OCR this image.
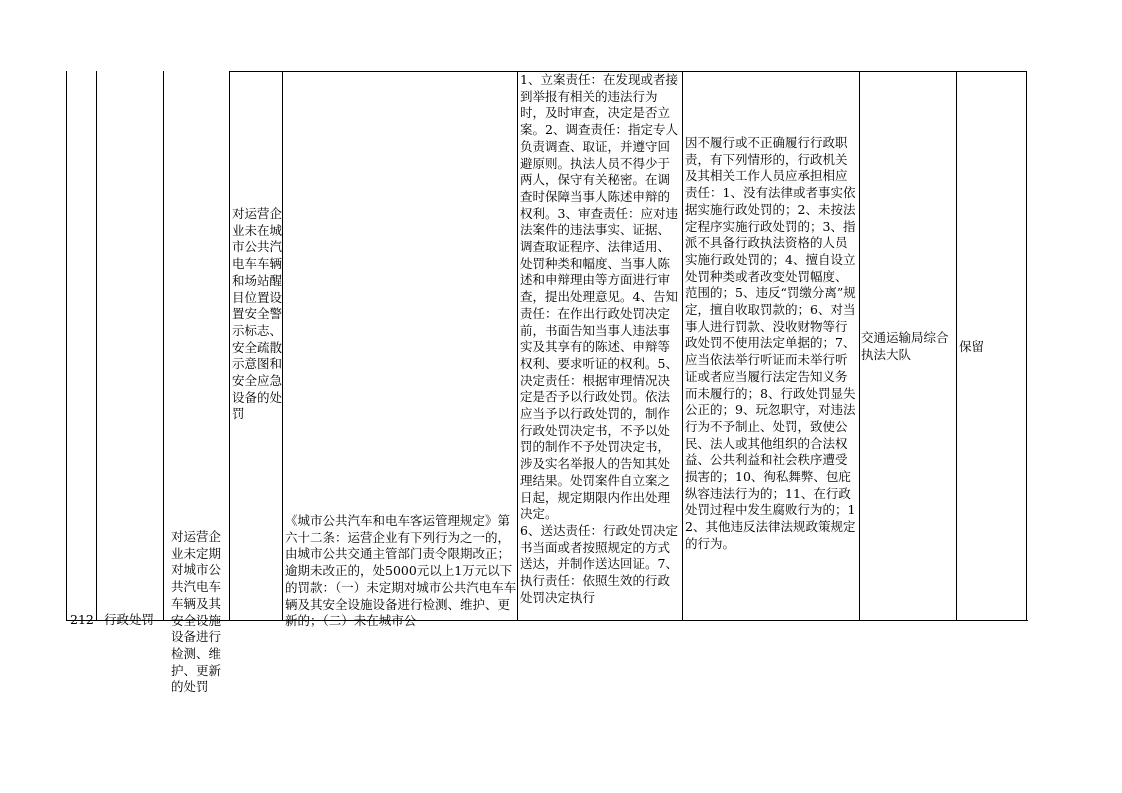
212 行政处罚
对运营企业未定期对城市公共汽电车车辆及其安全设施设备进行检测、维护、更新的处罚
对运营企业未在城市公共汽电车车辆和场站醒目位置设置安全警示标志、安全疏散示意图和安全应急设备的处罚
《城市公共汽车和电车客运管理规定》第六十二条：运营企业有下列行为之一的，由城市公共交通主管部门责令限期改正；逾期未改正的，处5000元以上1万元以下的罚款：（一）未定期对城市公共汽电车车辆及其安全设施设备进行检测、维护、更新的；（二）未在城市公
1、立案责任：在发现或者接到举报有相关的违法行为时，及时审查，决定是否立案。2、调查责任：指定专人负责调查、取证，并遵守回避原则。执法人员不得少于两人，保守有关秘密。在调查时保障当事人陈述申辩的权利。3、审查责任：应对违法案件的违法事实、证据、调查取证程序、法律适用、处罚种类和幅度、当事人陈述和申辩理由等方面进行审查，提出处理意见。4、告知责任：在作出行政处罚决定前，书面告知当事人违法事实及其享有的陈述、申辩等权利、要求听证的权利。5、决定责任：根据审理情况决定是否予以行政处罚。依法应当予以行政处罚的，制作行政处罚决定书，不予以处罚的制作不予处罚决定书，涉及实名举报人的告知其处理结果。处罚案件自立案之日起，规定期限内作出处理决定。
6、送达责任：行政处罚决定书当面或者按照规定的方式送达，并制作送达回证。7、执行责任：依照生效的行政处罚决定执行
因不履行或不正确履行行政职责，有下列情形的，行政机关及其相关工作人员应承担相应责任：1、没有法律或者事实依据实施行政处罚的；2、未按法定程序实施行政处罚的；3、指派不具备行政执法资格的人员实施行政处罚的；4、擅自设立处罚种类或者改变处罚幅度、范围的；5、违反“罚缴分离”规定，擅自收取罚款的；6、对当事人进行罚款、没收财物等行政处罚不使用法定单据的；7、应当依法举行听证而未举行听证或者应当履行法定告知义务而未履行的；8、行政处罚显失公正的；9、玩忽职守，对违法行为不予制止、处罚，致使公民、法人或其他组织的合法权益、公共利益和社会秩序遭受损害的；10、徇私舞弊、包庇纵容违法行为的；11、在行政处罚过程中发生腐败行为的；12、其他违反法律法规政策规定的行为。
交通运输局综合执法大队
保留
